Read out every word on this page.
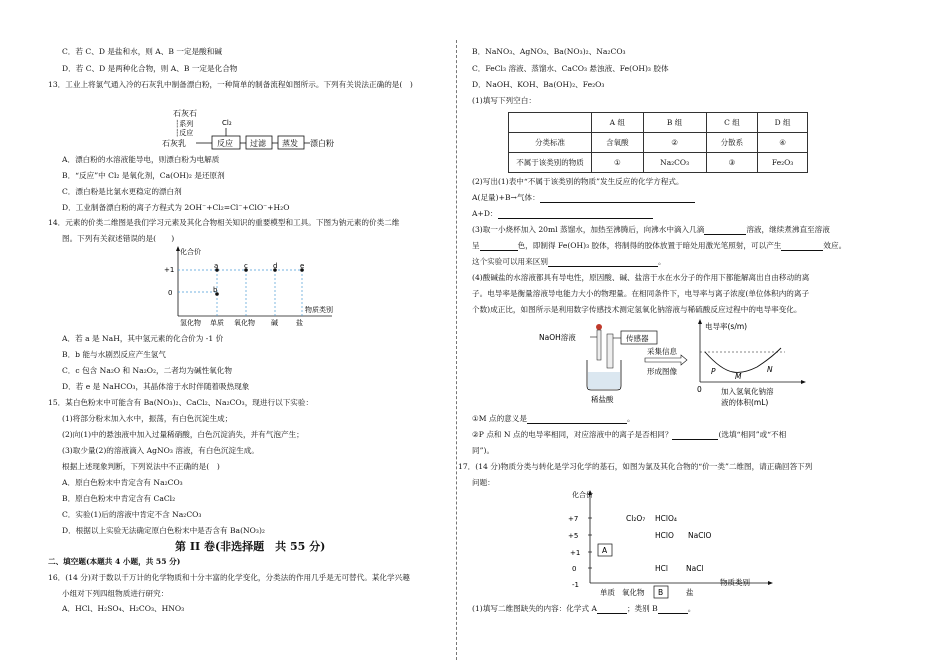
C．若 C、D 是盐和水，则 A、B 一定是酸和碱
D．若 C、D 是两种化合物，则 A、B 一定是化合物
13．工业上将氯气通入冷的石灰乳中制备漂白粉，一种简单的制备流程如图所示。下列有关说法正确的是(　)
石灰石
┆系列
┆反应
石灰乳	反应
Cl₂
过滤 蒸发 漂白粉
A．漂白粉的水溶液能导电，则漂白粉为电解质
B．“反应”中 Cl₂ 是氧化剂，Ca(OH)₂ 是还原剂
C．漂白粉是比氯水更稳定的漂白剂
D．工业制备漂白粉的离子方程式为 2OH⁻+Cl₂=Cl⁻+ClO⁻+H₂O
14．元素的价类二维图是我们学习元素及其化合物相关知识的重要模型和工具。下图为钠元素的价类二维
图。下列有关叙述错误的是(　　)
化合价
+1
0
a
b
c	d	e
物质类别
氢化物 单质 氧化物 碱	盐
A．若 a 是 NaH，其中氢元素的化合价为 -1 价
B．b 能与水剧烈反应产生氢气
C．c 包含 Na₂O 和 Na₂O₂，二者均为碱性氧化物
D．若 e 是 NaHCO₃，其晶体溶于水时伴随着吸热现象
15．某白色粉末中可能含有 Ba(NO₃)₂、CaCl₂、Na₂CO₃，现进行以下实验：
(1)将部分粉末加入水中，振荡，有白色沉淀生成；
(2)向(1)中的悬浊液中加入过量稀硝酸，白色沉淀消失，并有气泡产生；
(3)取少量(2)的溶液滴入 AgNO₃ 溶液，有白色沉淀生成。
根据上述现象判断，下列说法中不正确的是(　)
A．原白色粉末中肯定含有 Na₂CO₃
B．原白色粉末中肯定含有 CaCl₂
C．实验(1)后的溶液中肯定不含 Na₂CO₃
D．根据以上实验无法确定原白色粉末中是否含有 Ba(NO₃)₂
第 II 卷(非选择题　共 55 分)
二、填空题(本题共 4 小题，共 55 分)
16．(14 分)对于数以千万计的化学物质和十分丰富的化学变化，分类法的作用几乎是无可替代。某化学兴趣
小组对下列四组物质进行研究：
A．HCl、H₂SO₄、H₂CO₃、HNO₃
B．NaNO₃、AgNO₃、Ba(NO₃)₂、Na₂CO₃
C．FeCl₃ 溶液、蒸馏水、CaCO₃ 悬浊液、Fe(OH)₃ 胶体
D．NaOH、KOH、Ba(OH)₂、Fe₂O₃
(1)填写下列空白：
	A 组	B 组	C 组	D 组
分类标准	含氧酸	②	分散系	④
不属于该类别的物质	①	Na₂CO₃	③	Fe₂O₃
(2)写出(1)表中“不属于该类别的物质”发生反应的化学方程式。
A(足量)+B→气体：
A+D：
(3)取一小烧杯加入 20ml 蒸馏水，加热至沸腾后，向沸水中滴入几滴	溶液，继续煮沸直至溶液
呈	色，即制得 Fe(OH)₃ 胶体，将制得的胶体放置于暗处用激光笔照射，可以产生	效应。
这个实验可以用来区别	。
(4)酸碱盐的水溶液都具有导电性，原因酸、碱、盐溶于水在水分子的作用下都能解离出自由移动的离
子。电导率是衡量溶液导电能力大小的物理量。在相同条件下，电导率与离子浓度(单位体积内的离子
个数)成正比，如图所示是利用数字传感技术测定氢氧化钠溶液与稀硫酸反应过程中的电导率变化。
NaOH溶液	传感器
稀盐酸
采集信息
形成图像
电导率(s/m)
0
P
M
N
加入氢氧化钠溶
液的体积(mL)
①M 点的意义是	。
②P 点和 N 点的电导率相同，对应溶液中的离子是否相同？	(选填“相同”或“不相
同”)。
17．(14 分)物质分类与转化是学习化学的基石，如图为氯及其化合物的“价一类”二维图，请正确回答下列
问题：
化合价
+7
+5
+1
0
-1
Cl₂O₇ HClO₄
HClO NaClO
A
HCl NaCl
物质类别
单质 氧化物 B	盐
(1)填写二维图缺失的内容：化学式 A	；类别 B	。
